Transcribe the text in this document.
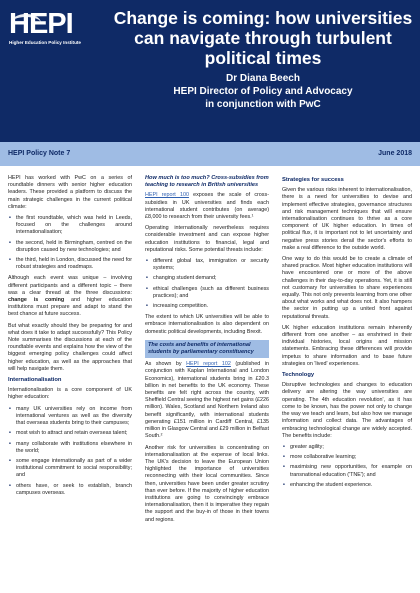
HEPI
Higher Education Policy Institute
Change is coming: how universities can navigate through turbulent political times
Dr Diana Beech
HEPI Director of Policy and Advocacy
in conjunction with PwC
HEPI Policy Note 7	June 2018

HEPI has worked with PwC on a series of roundtable dinners with senior higher education leaders. These provided a platform to discuss the main strategic challenges in the current political climate:

• the first roundtable, which was held in Leeds, focused on the challenges around internationalisation;
• the second, held in Birmingham, centred on the disruption caused by new technologies; and
• the third, held in London, discussed the need for robust strategies and roadmaps.

Although each event was unique – involving different participants and a different topic – there was a clear thread at the three discussions: change is coming and higher education institutions must prepare and adapt to stand the best chance at future success.

But what exactly should they be preparing for and what does it take to adapt successfully? This Policy Note summarises the discussions at each of the roundtable events and explains how the view of the biggest emerging policy challenges could affect higher education, as well as the approaches that will help navigate them.

Internationalisation

Internationalisation is a core component of UK higher education:

• many UK universities rely on income from international ventures as well as the diversity that overseas students bring to their campuses;
• most wish to attract and retain overseas talent;
• many collaborate with institutions elsewhere in the world;
• some engage internationally as part of a wider institutional commitment to social responsibility; and
• others have, or seek to establish, branch campuses overseas.
How much is too much? Cross-subsidies from teaching to research in British universities

HEPI report 100 exposes the scale of cross-subsidies in UK universities and finds each international student contributes (on average) £8,000 to research from their university fees.¹

Operating internationally nevertheless requires considerable investment and can expose higher education institutions to financial, legal and reputational risks. Some potential threats include:

• different global tax, immigration or security systems;
• changing student demand;
• ethical challenges (such as different business practices); and
• increasing competition.

The extent to which UK universities will be able to embrace internationalisation is also dependent on domestic political developments, including Brexit.

The costs and benefits of international students by parliamentary constituency

As shown by HEPI report 102 (published in conjunction with Kaplan International and London Economics), international students bring in £20.3 billion in net benefits to the UK economy. These benefits are felt right across the country, with Sheffield Central seeing the highest net gains (£226 million). Wales, Scotland and Northern Ireland also benefit significantly, with international students generating £151 million in Cardiff Central, £135 million in Glasgow Central and £29 million in Belfast South.²

Another risk for universities is concentrating on internationalisation at the expense of local links. The UK's decision to leave the European Union highlighted the importance of universities reconnecting with their local communities. Since then, universities have been under greater scrutiny than ever before. If the majority of higher education institutions are going to convincingly embrace internationalisation, then it is imperative they regain the support and the buy-in of those in their towns and regions.

Strategies for success

Given the various risks inherent to internationalisation, there is a need for universities to devise and implement effective strategies, governance structures and risk management techniques that will ensure internationalisation continues to thrive as a core component of UK higher education. In times of political flux, it is important not to let uncertainty and negative press stories derail the sector's efforts to make a real difference to the outside world.

One way to do this would be to create a climate of shared practice. Most higher education institutions will have encountered one or more of the above challenges in their day-to-day operations. Yet, it is still not customary for universities to share experiences equally. This not only prevents learning from one other about what works and what does not. It also hampers the sector in putting up a united front against reputational threats.

UK higher education institutions remain inherently different from one another – as enshrined in their individual histories, local origins and mission statements. Embracing these differences will provide impetus to share information and to base future strategies on 'lived' experiences.

Technology

Disruptive technologies and changes to education delivery are altering the way universities are operating. The 4th education revolution', as it has come to be known, has the power not only to change the way we teach and learn, but also how we manage information and collect data. The advantages of embracing technological change are widely accepted. The benefits include:

• greater agility;
• more collaborative learning;
• maximising new opportunities, for example on transnational education ('TNE'); and
• enhancing the student experience.
